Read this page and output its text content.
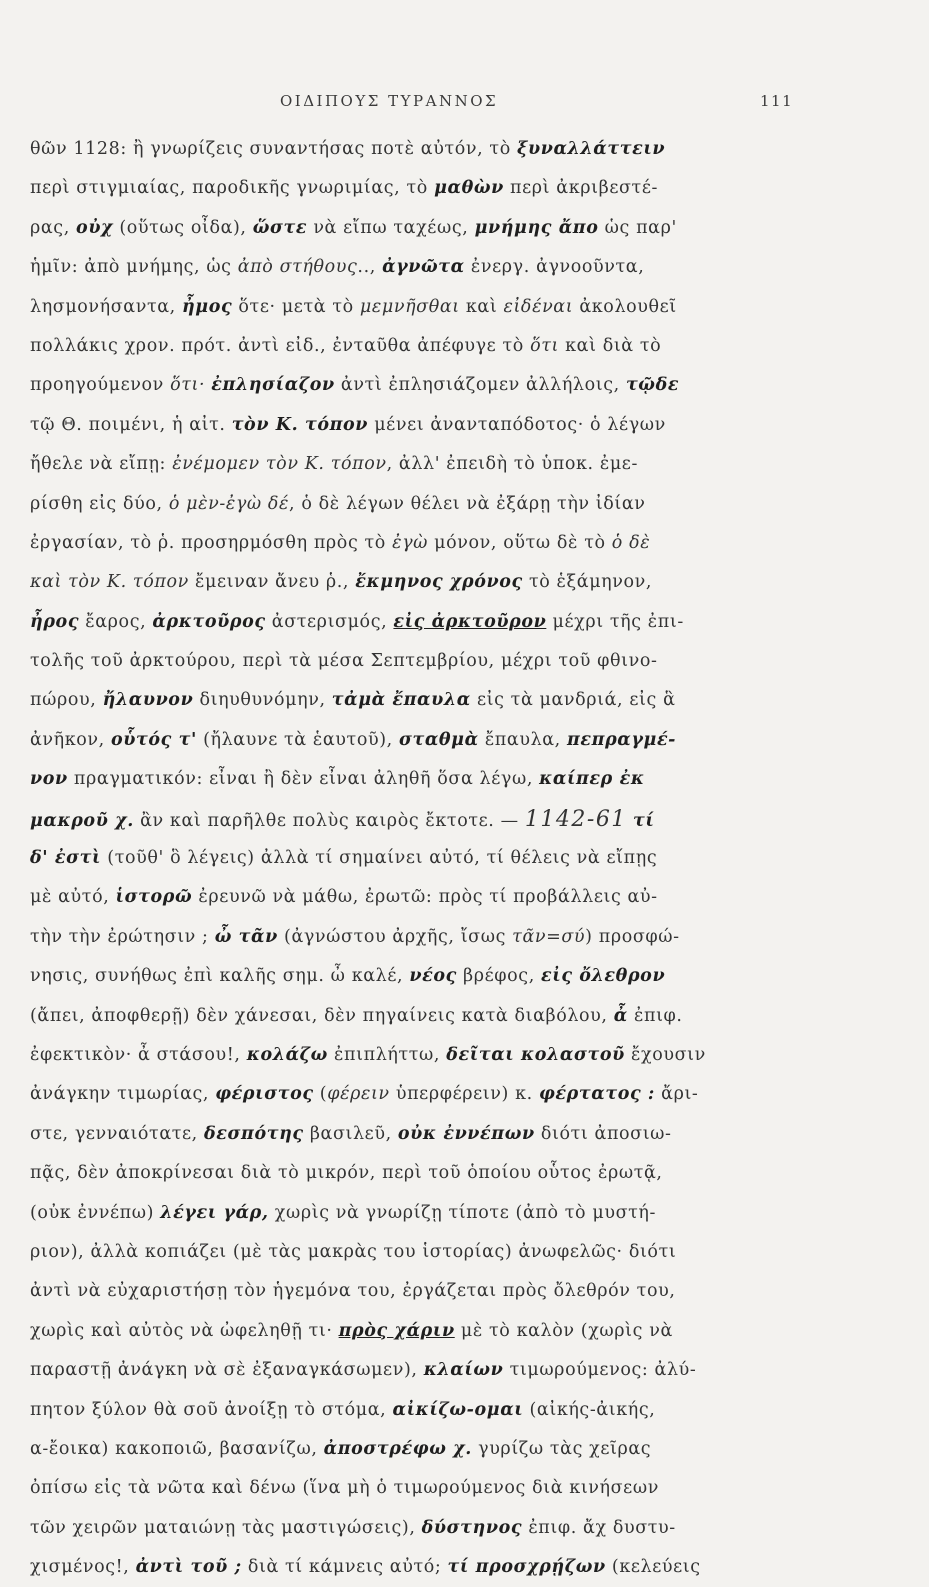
ΟΙΔΙΠΟΥΣ ΤΥΡΑΝΝΟΣ	111
θῶν 1128: ἢ γνωρίζεις συναντήσας ποτὲ αὐτόν, τὸ ξυναλλάττειν
περὶ στιγμιαίας, παροδικῆς γνωριμίας, τὸ μαθὼν περὶ ἀκριβεστέ-
ρας, οὐχ (οὕτως οἶδα), ὥστε νὰ εἴπω ταχέως, μνήμης ἄπο ὡς παρ'
ἡμῖν: ἀπὸ μνήμης, ὡς ἀπὸ στήθους.., ἀγνῶτα ἐνεργ. ἀγνοοῦντα,
λησμονήσαντα, ἦμος ὅτε· μετὰ τὸ μεμνῆσθαι καὶ εἰδέναι ἀκολουθεῖ
πολλάκις χρον. πρότ. ἀντὶ εἰδ., ἐνταῦθα ἀπέφυγε τὸ ὅτι καὶ διὰ τὸ
προηγούμενον ὅτι· ἐπλησίαζον ἀντὶ ἐπλησιάζομεν ἀλλήλοις, τῷδε
τῷ Θ. ποιμένι, ἡ αἰτ. τὸν Κ. τόπον μένει ἀνανταπόδοτος· ὁ λέγων
ἤθελε νὰ εἴπῃ: ἐνέμομεν τὸν Κ. τόπον, ἀλλ' ἐπειδὴ τὸ ὑποκ. ἐμε-
ρίσθη εἰς δύο, ὁ μὲν-ἐγὼ δέ, ὁ δὲ λέγων θέλει νὰ ἐξάρῃ τὴν ἰδίαν
ἐργασίαν, τὸ ῥ. προσηρμόσθη πρὸς τὸ ἐγὼ μόνον, οὕτω δὲ τὸ ὁ δὲ
καὶ τὸν Κ. τόπον ἔμειναν ἄνευ ῥ., ἔκμηνος χρόνος τὸ ἑξάμηνον,
ἦρος ἔαρος, ἀρκτοῦρος ἀστερισμός, εἰς ἀρκτοῦρον μέχρι τῆς ἐπι-
τολῆς τοῦ ἀρκτούρου, περὶ τὰ μέσα Σεπτεμβρίου, μέχρι τοῦ φθινο-
πώρου, ἤλαυνον διηυθυνόμην, τἀμὰ ἔπαυλα εἰς τὰ μανδριά, εἰς ἃ
ἀνῆκον, οὗτός τ' (ἤλαυνε τὰ ἑαυτοῦ), σταθμὰ ἔπαυλα, πεπραγμέ-
νον πραγματικόν: εἶναι ἢ δὲν εἶναι ἀληθῆ ὅσα λέγω, καίπερ ἐκ
μακροῦ χ. ἂν καὶ παρῆλθε πολὺς καιρὸς ἔκτοτε. — 1142-61 τί
δ' ἐστὶ (τοῦθ' ὃ λέγεις) ἀλλὰ τί σημαίνει αὐτό, τί θέλεις νὰ εἴπῃς
μὲ αὐτό, ἱστορῶ ἐρευνῶ νὰ μάθω, ἐρωτῶ: πρὸς τί προβάλλεις αὐ-
τὴν τὴν ἐρώτησιν ; ὦ τᾶν (ἀγνώστου ἀρχῆς, ἴσως τᾶν=σύ) προσφώ-
νησις, συνήθως ἐπὶ καλῆς σημ. ὦ καλέ, νέος βρέφος, εἰς ὄλεθρον
(ἄπει, ἀποφθερῇ) δὲν χάνεσαι, δὲν πηγαίνεις κατὰ διαβόλου, ἆ ἐπιφ.
ἐφεκτικὸν· ἆ στάσου!, κολάζω ἐπιπλήττω, δεῖται κολαστοῦ ἔχουσιν
ἀνάγκην τιμωρίας, φέριστος (φέρειν ὑπερφέρειν) κ. φέρτατος : ἄρι-
στε, γενναιότατε, δεσπότης βασιλεῦ, οὐκ ἐννέπων διότι ἀποσιω-
πᾷς, δὲν ἀποκρίνεσαι διὰ τὸ μικρόν, περὶ τοῦ ὁποίου οὗτος ἐρωτᾷ,
(οὐκ ἐννέπω) λέγει γάρ, χωρὶς νὰ γνωρίζῃ τίποτε (ἀπὸ τὸ μυστή-
ριον), ἀλλὰ κοπιάζει (μὲ τὰς μακρὰς του ἱστορίας) ἀνωφελῶς· διότι
ἀντὶ νὰ εὐχαριστήσῃ τὸν ἡγεμόνα του, ἐργάζεται πρὸς ὄλεθρόν του,
χωρὶς καὶ αὐτὸς νὰ ὠφεληθῇ τι· πρὸς χάριν μὲ τὸ καλὸν (χωρὶς νὰ
παραστῇ ἀνάγκη νὰ σὲ ἐξαναγκάσωμεν), κλαίων τιμωρούμενος: ἀλύ-
πητον ξύλον θὰ σοῦ ἀνοίξῃ τὸ στόμα, αἰκίζω-ομαι (αἰκής-ἀικής,
α-ἔοικα) κακοποιῶ, βασανίζω, ἀποστρέφω χ. γυρίζω τὰς χεῖρας
ὀπίσω εἰς τὰ νῶτα καὶ δένω (ἵνα μὴ ὁ τιμωρούμενος διὰ κινήσεων
τῶν χειρῶν ματαιώνῃ τὰς μαστιγώσεις), δύστηνος ἐπιφ. ἄχ δυστυ-
χισμένος!, ἀντὶ τοῦ ; διὰ τί κάμνεις αὐτό; τί προσχρῄζων (κελεύεις
